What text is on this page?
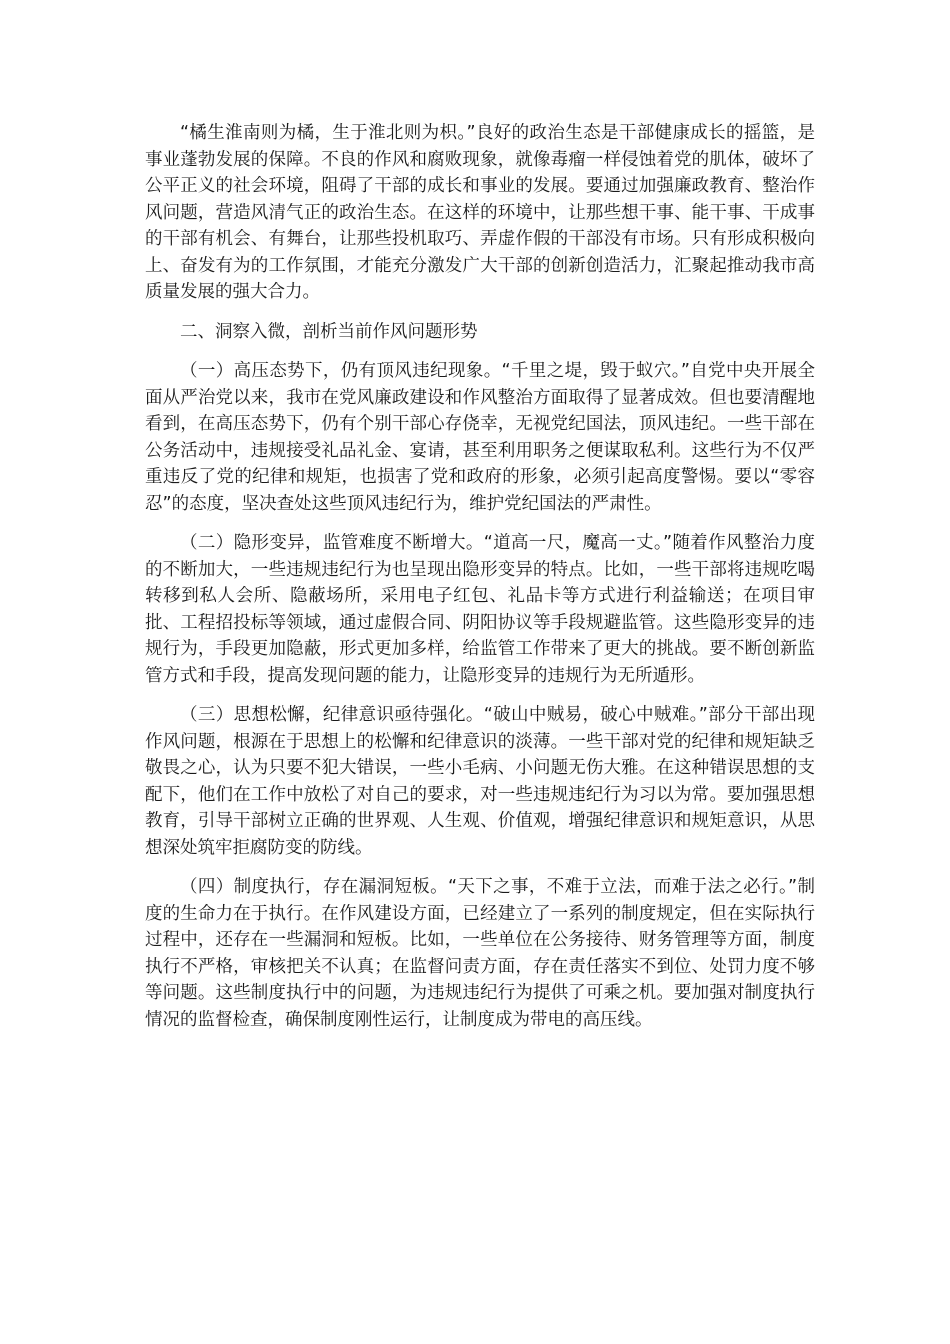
“橘生淮南则为橘，生于淮北则为枳。”良好的政治生态是干部健康成长的摇篮，是事业蓬勃发展的保障。不良的作风和腐败现象，就像毒瘤一样侵蚀着党的肌体，破坏了公平正义的社会环境，阻碍了干部的成长和事业的发展。要通过加强廉政教育、整治作风问题，营造风清气正的政治生态。在这样的环境中，让那些想干事、能干事、干成事的干部有机会、有舞台，让那些投机取巧、弄虚作假的干部没有市场。只有形成积极向上、奋发有为的工作氛围，才能充分激发广大干部的创新创造活力，汇聚起推动我市高质量发展的强大合力。

二、洞察入微，剖析当前作风问题形势

（一）高压态势下，仍有顶风违纪现象。“千里之堤，毁于蚁穴。”自党中央开展全面从严治党以来，我市在党风廉政建设和作风整治方面取得了显著成效。但也要清醒地看到，在高压态势下，仍有个别干部心存侥幸，无视党纪国法，顶风违纪。一些干部在公务活动中，违规接受礼品礼金、宴请，甚至利用职务之便谋取私利。这些行为不仅严重违反了党的纪律和规矩，也损害了党和政府的形象，必须引起高度警惕。要以“零容忍”的态度，坚决查处这些顶风违纪行为，维护党纪国法的严肃性。

（二）隐形变异，监管难度不断增大。“道高一尺，魔高一丈。”随着作风整治力度的不断加大，一些违规违纪行为也呈现出隐形变异的特点。比如，一些干部将违规吃喝转移到私人会所、隐蔽场所，采用电子红包、礼品卡等方式进行利益输送；在项目审批、工程招投标等领域，通过虚假合同、阴阳协议等手段规避监管。这些隐形变异的违规行为，手段更加隐蔽，形式更加多样，给监管工作带来了更大的挑战。要不断创新监管方式和手段，提高发现问题的能力，让隐形变异的违规行为无所遁形。

（三）思想松懈，纪律意识亟待强化。“破山中贼易，破心中贼难。”部分干部出现作风问题，根源在于思想上的松懈和纪律意识的淡薄。一些干部对党的纪律和规矩缺乏敬畏之心，认为只要不犯大错误，一些小毛病、小问题无伤大雅。在这种错误思想的支配下，他们在工作中放松了对自己的要求，对一些违规违纪行为习以为常。要加强思想教育，引导干部树立正确的世界观、人生观、价值观，增强纪律意识和规矩意识，从思想深处筑牢拒腐防变的防线。

（四）制度执行，存在漏洞短板。“天下之事，不难于立法，而难于法之必行。”制度的生命力在于执行。在作风建设方面，已经建立了一系列的制度规定，但在实际执行过程中，还存在一些漏洞和短板。比如，一些单位在公务接待、财务管理等方面，制度执行不严格，审核把关不认真；在监督问责方面，存在责任落实不到位、处罚力度不够等问题。这些制度执行中的问题，为违规违纪行为提供了可乘之机。要加强对制度执行情况的监督检查，确保制度刚性运行，让制度成为带电的高压线。
